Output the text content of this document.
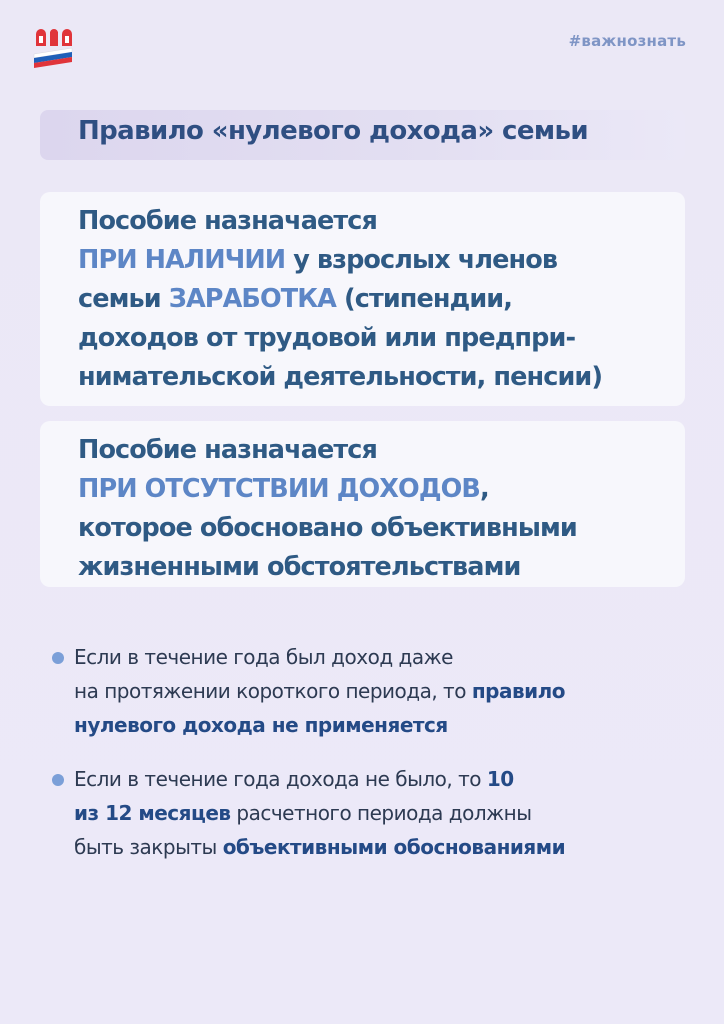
#важнознать
Правило «нулевого дохода» семьи
Пособие назначается
ПРИ НАЛИЧИИ у взрослых членов
семьи ЗАРАБОТКА (стипендии,
доходов от трудовой или предпри-
нимательской деятельности, пенсии)
Пособие назначается
ПРИ ОТСУТСТВИИ ДОХОДОВ,
которое обосновано объективными
жизненными обстоятельствами
Если в течение года был доход даже
на протяжении короткого периода, то правило
нулевого дохода не применяется
Если в течение года дохода не было, то 10
из 12 месяцев расчетного периода должны
быть закрыты объективными обоснованиями
